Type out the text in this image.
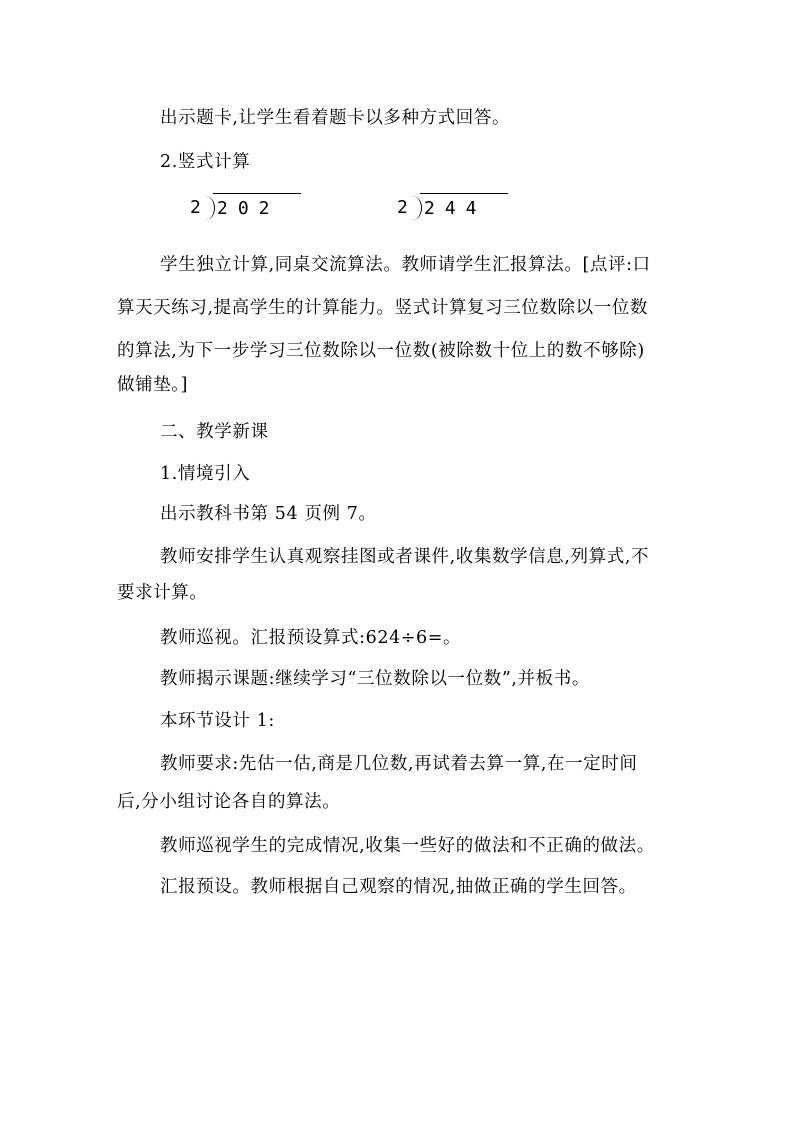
出示题卡,让学生看着题卡以多种方式回答。
2.竖式计算
2 202	2 244
学生独立计算,同桌交流算法。教师请学生汇报算法。[点评:口
算天天练习,提高学生的计算能力。竖式计算复习三位数除以一位数
的算法,为下一步学习三位数除以一位数(被除数十位上的数不够除)
做铺垫。]
二、教学新课
1.情境引入
出示教科书第 54 页例 7。
教师安排学生认真观察挂图或者课件,收集数学信息,列算式,不
要求计算。
教师巡视。汇报预设算式:624÷6=。
教师揭示课题:继续学习“三位数除以一位数”,并板书。
本环节设计 1:
教师要求:先估一估,商是几位数,再试着去算一算,在一定时间
后,分小组讨论各自的算法。
教师巡视学生的完成情况,收集一些好的做法和不正确的做法。
汇报预设。教师根据自己观察的情况,抽做正确的学生回答。
